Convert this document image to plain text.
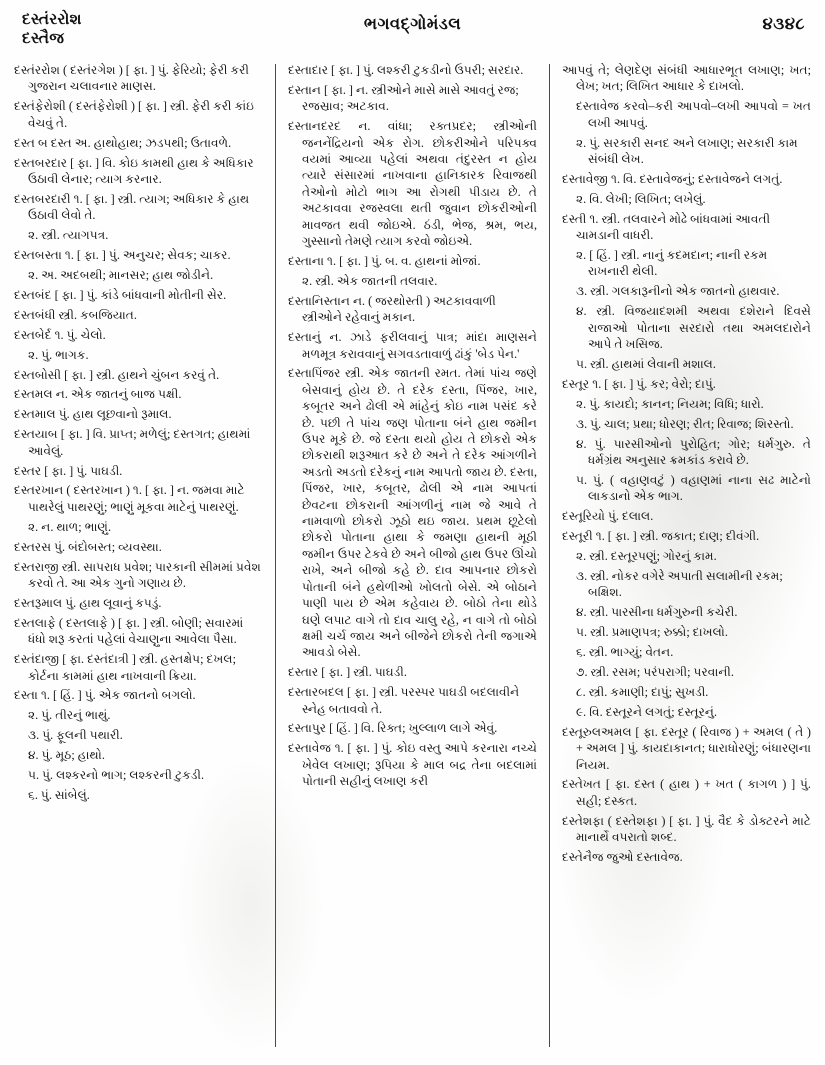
દસ્તંરરોશ
દસ્તૈજ
ભગવદ્ગોમંડલ	૪૩૪૮

દસ્તંરરોશ ( દસ્તંરગેશ ) [ ફા. ] પું. ફેરિયો; ફેરી કરી ગુજરાન ચલાવનાર માણસ.

દસ્તંફેરોશી ( દસ્તંફેરોશી ) [ ફા. ] સ્ત્રી. ફેરી કરી કાંઇ વેચવું તે.

દસ્ત બ દસ્ત અ. હાથોહાથ; ઝડપથી; ઉતાવળે.

દસ્તબરદાર [ ફા. ] વિ. કોઇ કામથી હાથ કે અધિકાર ઉઠાવી લેનાર; ત્યાગ કરનાર.

દસ્તબરદારી ૧. [ ફા. ] સ્ત્રી. ત્યાગ; અધિકાર કે હાથ ઉઠાવી લેવો તે.

૨. સ્ત્રી. ત્યાગપત્ર.

દસ્તબસ્તા ૧. [ ફા. ] પું. અનુચર; સેવક; ચાકર.

૨. અ. અદબથી; માનસર; હાથ જોડીને.

દસ્તબંદ [ ફા. ] પું. કાંડે બાંધવાની મોતીની સેર.

દસ્તબંધી સ્ત્રી. કબજિયાત.

દસ્તબેર્દ ૧. પું. ચેલો.

૨. પું. ભાગક.

દસ્તબોસી [ ફા. ] સ્ત્રી. હાથને ચુંબન કરવું તે.

દસ્તમલ ન. એક જાતનું બાજ પક્ષી.

દસ્તમાલ પું. હાથ લૂછવાનો રૂમાલ.

દસ્તયાબ [ ફા. ] વિ. પ્રાપ્ત; મળેલું; દસ્તગત; હાથમાં આવેલું.

દસ્તર [ ફા. ] પું. પાઘડી.

દસ્તરખાન ( દસ્તરખાન ) ૧. [ ફા. ] ન. જમવા માટે પાથરેલું પાથરણું; ભાણું મૂકવા માટેનું પાથરણું.

૨. ન. થાળ; ભાણું.

દસ્તરસ પું. બંદોબસ્ત; વ્યવસ્થા.

દસ્તરાજી સ્ત્રી. સાપરાધ પ્રવેશ; પારકાની સીમમાં પ્રવેશ કરવો તે. આ એક ગુનો ગણાય છે.

દસ્તરૂમાલ પું. હાથ લૂવાનું કપડું.

દસ્તલાફે ( દસ્તલાફે ) [ ફા. ] સ્ત્રી. બોણી; સવારમાં ધંધો શરૂ કરતાં પહેલાં વેચાણુના આવેલા પૈસા.

દસ્તંદાજી [ ફા. દસ્તંદાત્રી ] સ્ત્રી. હસ્તક્ષેપ; દખલ; કોર્ટના કામમાં હાથ નાખવાની ક્રિયા.

દસ્તા ૧. [ હિં. ] પું. એક જાતનો બગલો.

૨. પું. તીરનું ભાથું.

૩. પું. ફૂલની પથારી.

૪. પું. મૂઠ; હાથો.

૫. પું. લશ્કરનો ભાગ; લશ્કરની ટુકડી.

૬. પું. સાંબેલું.

દસ્તાદાર [ ફા. ] પું. લશ્કરી ટુકડીનો ઉપરી; સરદાર.

દસ્તાન [ ફા. ] ન. સ્ત્રીઓને માસે માસે આવતું રજ; રજસ્રાવ; અટકાવ.

દસ્તાનદરદ ન. વાંધા; રક્તપ્રદર; સ્ત્રીઓની જનનેંદ્રિયનો એક રોગ. છોકરીઓને પરિપક્વ વયમાં આવ્યા પહેલાં અથવા તંદુરસ્ત ન હોય ત્યારે સંસારમાં નાખવાના હાનિકારક રિવાજથી તેઓનો મોટો ભાગ આ રોગથી પીડાય છે. તે અટકાવવા રજસ્વલા થતી જુવાન છોકરીઓની માવજત થવી જોઇએ. ઠંડી, ભેજ, શ્રમ, ભય, ગુસ્સાનો તેમણે ત્યાગ કરવો જોઇએ.

દસ્તાના ૧. [ ફા. ] પું. બ. વ. હાથનાં મોજાં.

૨. સ્ત્રી. એક જાતની તલવાર.

દસ્તાનિસ્તાન ન. ( જરથોસ્તી ) અટકાવવાળી સ્ત્રીઓને રહેવાનું મકાન.

દસ્તાનું ન. ઝાડે ફરીલવાનું પાત્ર; માંદા માણસને મળમૂત્ર કરાવવાનું સગવડતાવાળું ઢાંકું 'બેડ પેન.'

દસ્તાપિંજર સ્ત્રી. એક જાતની રમત. તેમાં પાંચ જણે બેસવાનું હોય છે. તે દરેક દસ્તા, પિંજર, ખાર, કબૂતર અને ઢોલી એ માંહેનું કોઇ નામ પસંદ કરે છે. પછી તે પાંચ જણ પોતાના બંને હાથ જમીન ઉપર મૂકે છે. જે દસ્તા થયો હોય તે છોકરો એક છોકરાથી શરૂઆત કરે છે અને તે દરેક આંગળીને અડતો અડતો દરેકનું નામ આપતો જાય છે. દસ્તા, પિંજર, ખાર, કબૂતર, ઢોલી એ નામ આપતાં છેવટના છોકરાની આંગળીનું નામ જે આવે તે નામવાળો છોકરો ઝૂઠો થઇ જાય. પ્રથમ છૂટેલો છોકરો પોતાના હાથા કે જમણા હાથની મૂઠી જમીન ઉપર ટેકવે છે અને બીજો હાથ ઉપર ઊંચો રાખે, અને બીજો કહે છે. દાવ આપનાર છોકરો પોતાની બંને હથેળીઓ ખોલતો બેસે. એ બોઠાને પાણી પાય છે એમ કહેવાય છે. બોઠો તેના થોડે ઘણે લપાટ વાગે તો દાવ ચાલુ રહે, ન વાગે તો બોઠો ક્ષમી ચર્ચ જાય અને બીજેને છોકરો તેની જગાએ આવડો બેસે.

દસ્તાર [ ફા. ] સ્ત્રી. પાઘડી.

દસ્તારબદલ [ ફા. ] સ્ત્રી. પરસ્પર પાઘડી બદલાવીને સ્નેહ બતાવવો તે.

દસ્તાપુર [ હિં. ] વિ. રિક્ત; ખુલ્લાળ લાગે એવું.

દસ્તાવેજ ૧. [ ફા. ] પું. કોઇ વસ્તુ આપે કરનારા નચ્ચે ખેવેલ લખાણ; રૂપિયા કે માલ બદ્ર તેના બદલામાં પોતાની સહીનું લખાણ કરી

આપવું તે; લેણદેણ સંબંધી આધારભૂત લખાણ; ખત; લેખ; ખત; લિખિત આધાર કે દાખલો.

દસ્તાવેજ કરવો–કરી આપવો–લખી આપવો = ખત લખી આપવું.

૨. પું. સરકારી સનદ અને લખાણ; સરકારી કામ સંબંધી લેખ.

દસ્તાવેજી ૧. વિ. દસ્તાવેજનું; દસ્તાવેજને લગતું.

૨. વિ. લેખી; લિખિત; લખેલું.

દસ્તી ૧. સ્ત્રી. તલવારને મોઢે બાંધવામાં આવતી ચામડાની વાધરી.

૨. [ હિં. ] સ્ત્રી. નાનું કદમદાન; નાની રકમ રાખનારી થેલી.

૩. સ્ત્રી. ગલકારૂનીનો એક જાતનો હાથવાર.

૪. સ્ત્રી. વિજયાદશમી અથવા દશેરાને દિવસે રાજાઓ પોતાના સરદારો તથા અમલદારોને આપે તે ખસિજ.

૫. સ્ત્રી. હાથમાં લેવાની મશાલ.

દસ્તૂર ૧. [ ફા. ] પું. કર; વેરો; દાપું.

૨. પું. કાયદો; કાનન; નિયમ; વિધિ; ધારો.

૩. પું. ચાલ; પ્રથા; ધોરણ; રીત; રિવાજ; શિરસ્તો.

૪. પું. પારસીઓનો પુરોહિત; ગોર; ધર્મગુરુ. તે ધર્મગ્રંથ અનુસાર ક્રમકાંડ કરાવે છે.

૫. પું. ( વહાણવટું ) વહાણમાં નાના સઢ માટેનો લાકડાનો એક ભાગ.

દસ્તૂરિયો પું. દલાલ.

દસ્તૂરી ૧. [ ફા. ] સ્ત્રી. જકાત; દાણ; દીવંગી.

૨. સ્ત્રી. દસ્તૂરપણું; ગોરનું કામ.

૩. સ્ત્રી. નોકર વગેરે અપાતી સલામીની રકમ; બક્ષિશ.

૪. સ્ત્રી. પારસીના ધર્મગુરુની કચેરી.

૫. સ્ત્રી. પ્રમાણપત્ર; રુક્કો; દાખલો.

૬. સ્ત્રી. ભાગ્યું; વેતન.

૭. સ્ત્રી. રસમ; પરંપરાગી; પરવાની.

૮. સ્ત્રી. કમાણી; દાપું; સુખડી.

૯. વિ. દસ્તૂરને લગતું; દસ્તૂરનું.

દસ્તૂરુલઅમલ [ ફા. દસ્તૂર ( રિવાજ ) + અમલ ( તે ) + અમલ ] પું. કાયદાકાનત; ધારાધોરણું; બંધારણના નિયમ.

દસ્તેખત [ ફા. દસ્ત ( હાથ ) + ખત ( કાગળ ) ] પું. સહી; દસ્કત.

દસ્તેશફા ( દસ્તેશફા ) [ ફા. ] પું. વૈદ કે ડોક્ટરને માટે માનાર્થે વપરાતો શબ્દ.

દસ્તેનૈજ જુઓ દસ્તાવેજ.
